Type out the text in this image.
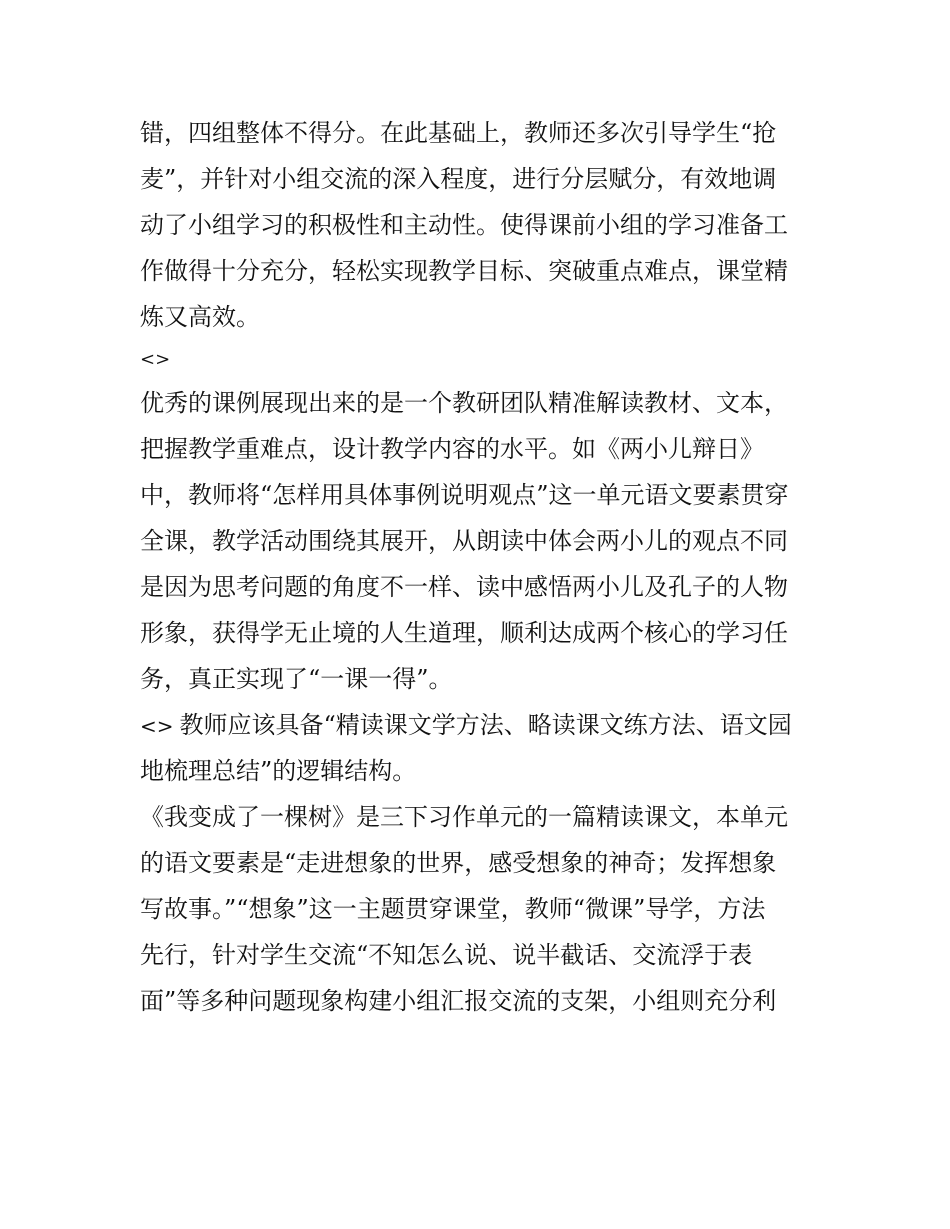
错，四组整体不得分。在此基础上，教师还多次引导学生“抢
麦”，并针对小组交流的深入程度，进行分层赋分，有效地调
动了小组学习的积极性和主动性。使得课前小组的学习准备工
作做得十分充分，轻松实现教学目标、突破重点难点，课堂精
炼又高效。
<>
优秀的课例展现出来的是一个教研团队精准解读教材、文本，
把握教学重难点，设计教学内容的水平。如《两小儿辩日》
中，教师将“怎样用具体事例说明观点”这一单元语文要素贯穿
全课，教学活动围绕其展开，从朗读中体会两小儿的观点不同
是因为思考问题的角度不一样、读中感悟两小儿及孔子的人物
形象，获得学无止境的人生道理，顺利达成两个核心的学习任
务，真正实现了“一课一得”。
<> 教师应该具备“精读课文学方法、略读课文练方法、语文园
地梳理总结”的逻辑结构。
《我变成了一棵树》是三下习作单元的一篇精读课文，本单元
的语文要素是“走进想象的世界，感受想象的神奇；发挥想象
写故事。”“想象”这一主题贯穿课堂，教师“微课”导学，方法
先行，针对学生交流“不知怎么说、说半截话、交流浮于表
面”等多种问题现象构建小组汇报交流的支架，小组则充分利
